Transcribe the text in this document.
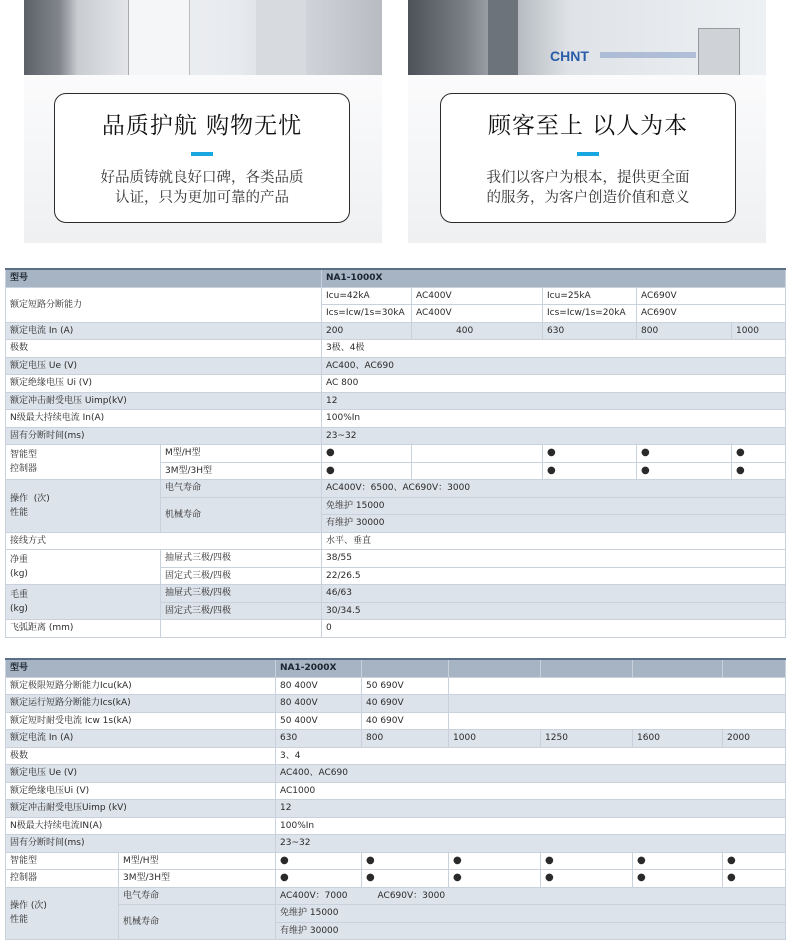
CHNT
品质护航 购物无忧
好品质铸就良好口碑，各类品质
认证，只为更加可靠的产品
顾客至上 以人为本
我们以客户为根本，提供更全面
的服务，为客户创造价值和意义
型号		NA1-1000X				
额定短路分断能力		Icu=42kA	AC400V	Icu=25kA	AC690V	
		Ics=Icw/1s=30kA	AC400V	Ics=Icw/1s=20kA	AC690V	
额定电流 In (A)		200	400	630	800	1000
极数		3极、4极				
额定电压 Ue (V)		AC400、AC690				
额定绝缘电压 Ui (V)		AC 800				
额定冲击耐受电压 Uimp(kV)		12				
N级最大持续电流 In(A)		100%In				
固有分断时间(ms)		23~32				
智能型
控制器	M型/H型	●		●	●	●
	3M型/3H型	●		●	●	●
操作 (次)
性能	电气寿命	AC400V：6500、AC690V：3000				
	机械寿命	免维护 15000				
		有维护 30000				
接线方式		水平、垂直				
净重
(kg)	抽屉式三极/四极	38/55				
	固定式三极/四极	22/26.5				
毛重
(kg)	抽屉式三极/四极	46/63				
	固定式三极/四极	30/34.5				
飞弧距离 (mm)		0				
型号		NA1-2000X					
额定极限短路分断能力Icu(kA)		80 400V	50 690V				
额定运行短路分断能力Ics(kA)		80 400V	40 690V				
额定短时耐受电流 Icw 1s(kA)		50 400V	40 690V				
额定电流 In (A)		630	800	1000	1250	1600	2000
极数		3、4					
额定电压 Ue (V)		AC400、AC690					
额定绝缘电压Ui (V)		AC1000					
额定冲击耐受电压Uimp (kV)		12					
N极最大持续电流IN(A)		100%In					
固有分断时间(ms)		23~32					
智能型	M型/H型	●	●	●	●	●	●
控制器	3M型/3H型	●	●	●	●	●	●
操作 (次)
性能	电气寿命	AC400V：7000 AC690V：3000					
	机械寿命	免维护 15000					
		有维护 30000					
